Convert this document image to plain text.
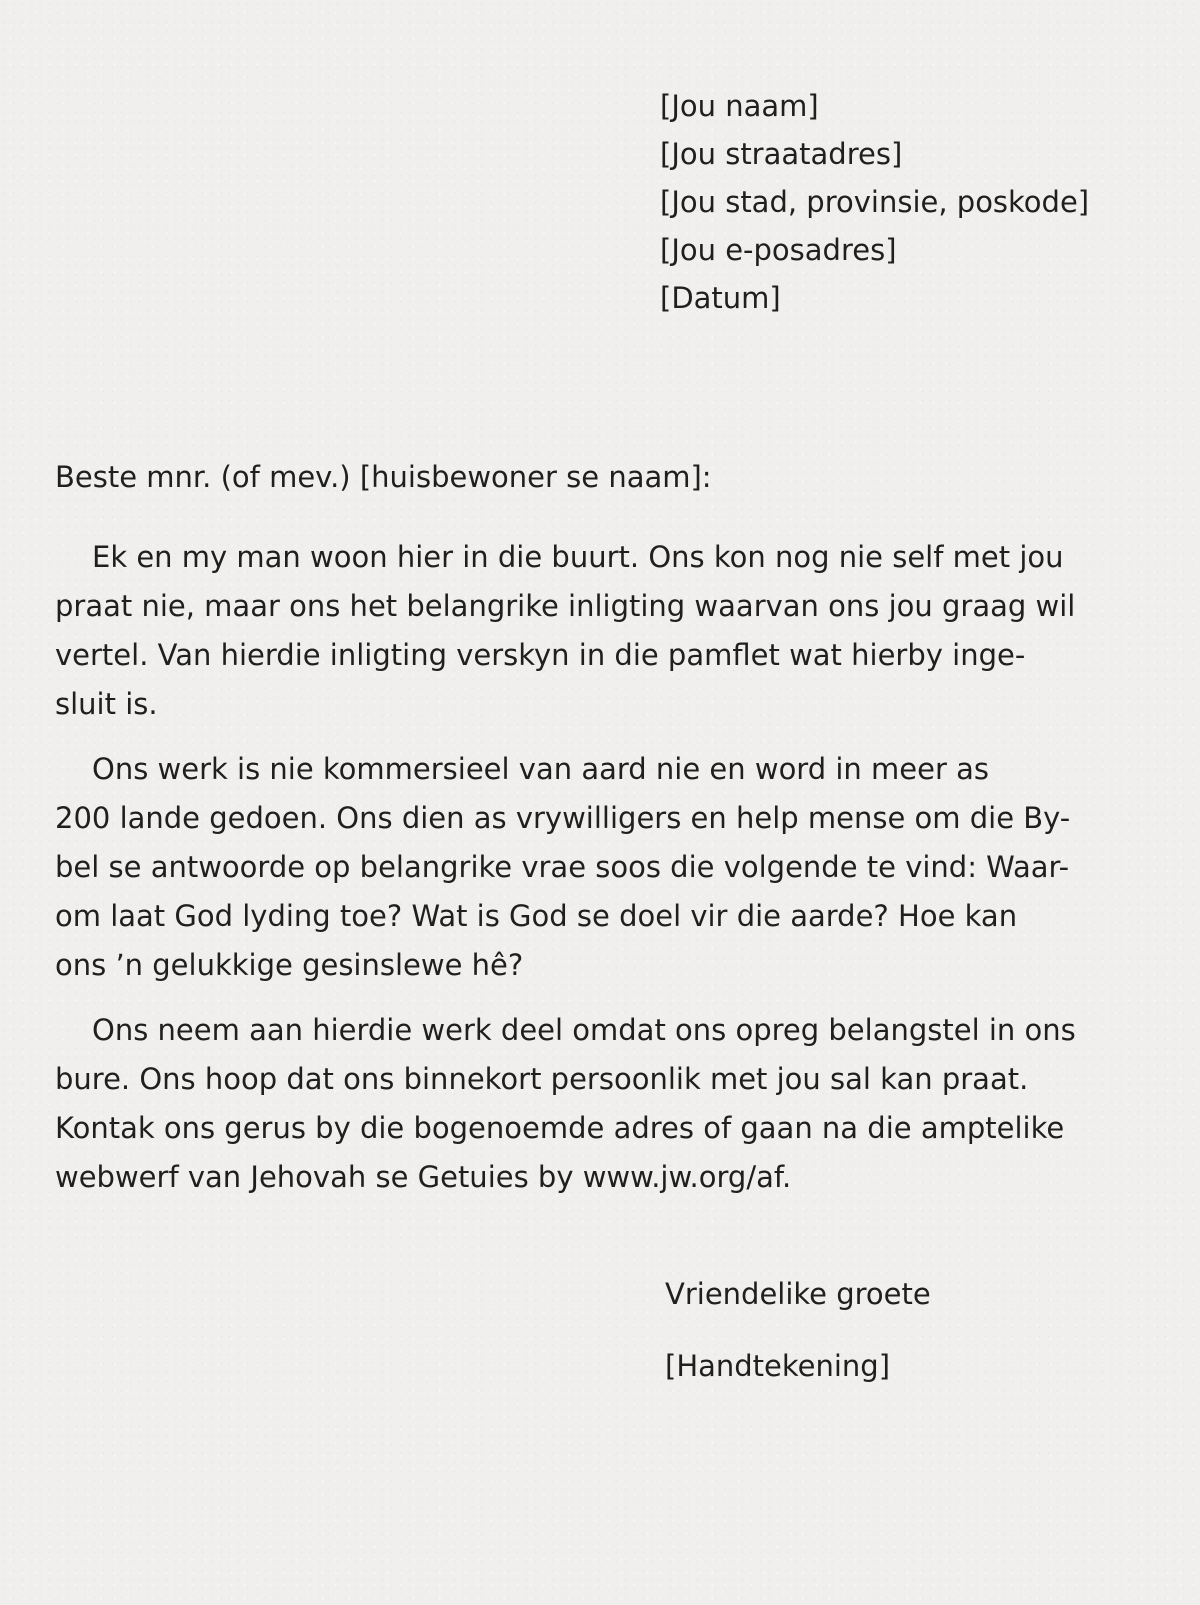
[Jou naam]
[Jou straatadres]
[Jou stad, provinsie, poskode]
[Jou e-posadres]
[Datum]
Beste mnr. (of mev.) [huisbewoner se naam]:
Ek en my man woon hier in die buurt. Ons kon nog nie self met jou
praat nie, maar ons het belangrike inligting waarvan ons jou graag wil
vertel. Van hierdie inligting verskyn in die pamflet wat hierby inge-
sluit is.
Ons werk is nie kommersieel van aard nie en word in meer as
200 lande gedoen. Ons dien as vrywilligers en help mense om die By-
bel se antwoorde op belangrike vrae soos die volgende te vind: Waar-
om laat God lyding toe? Wat is God se doel vir die aarde? Hoe kan
ons ’n gelukkige gesinslewe hê?
Ons neem aan hierdie werk deel omdat ons opreg belangstel in ons
bure. Ons hoop dat ons binnekort persoonlik met jou sal kan praat.
Kontak ons gerus by die bogenoemde adres of gaan na die amptelike
webwerf van Jehovah se Getuies by www.jw.org/af.
Vriendelike groete
[Handtekening]
